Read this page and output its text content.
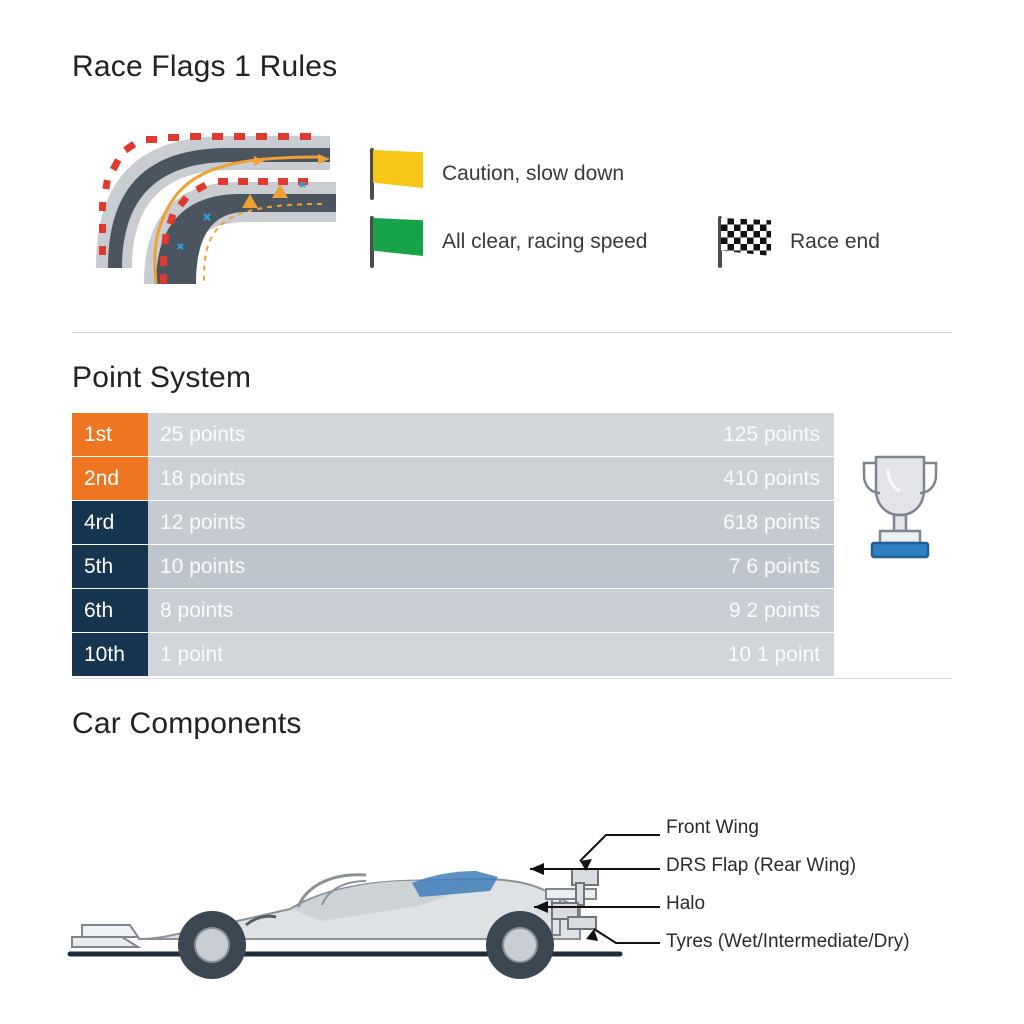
Race Flags 1 Rules
Caution, slow down
All clear, racing speed	Race end
Point System
1st	25 points	125 points
2nd	18 points	410 points
4rd	12 points	618 points
5th	10 points	7 6 points
6th	8 points	9 2 points
10th	1 point	10 1 point
Car Components
Front Wing
DRS Flap (Rear Wing)
Halo
Tyres (Wet/Intermediate/Dry)
